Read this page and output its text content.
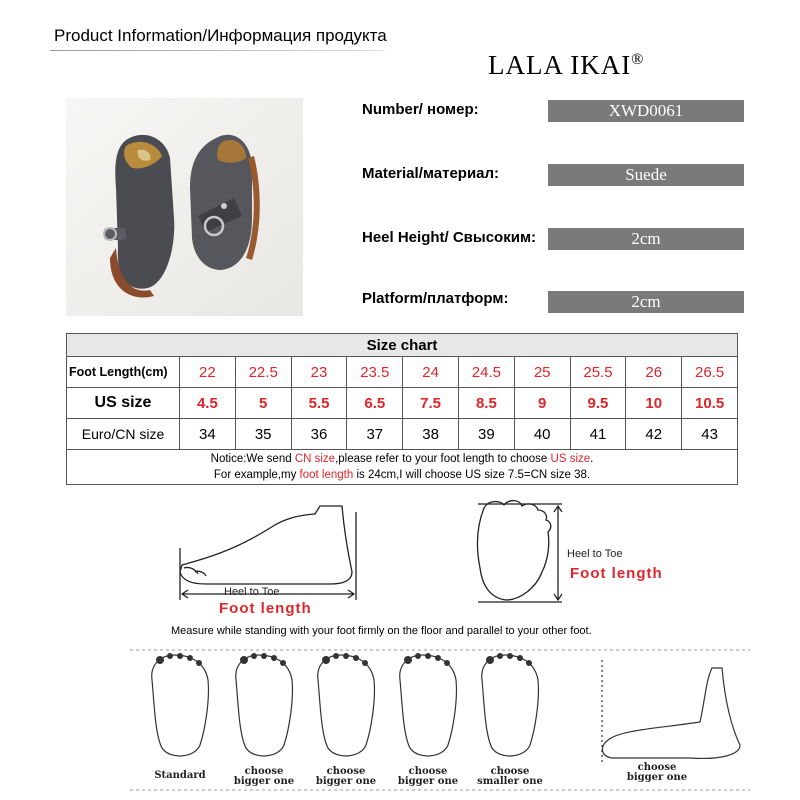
Product Information/Информация продукта
LALA IKAI®
Number/ номер:	XWD0061
Material/материал:	Suede
Heel Height/ Свысоким:	2cm
Platform/платформ:	2cm
Size chart										
Foot Length(cm)	22	22.5	23	23.5	24	24.5	25	25.5	26	26.5
US size	4.5	5	5.5	6.5	7.5	8.5	9	9.5	10	10.5
Euro/CN size	34	35	36	37	38	39	40	41	42	43
Notice:We send CN size,please refer to your foot length to choose US size.
For example,my foot length is 24cm,I will choose US size 7.5=CN size 38.										
Heel to Toe
Foot length
Heel to Toe
Foot length
Measure while standing with your foot firmly on the floor and parallel to your other foot.
Standard	choose
bigger one
choose
bigger one
choose
bigger one
choose
smaller one
choose
bigger one
